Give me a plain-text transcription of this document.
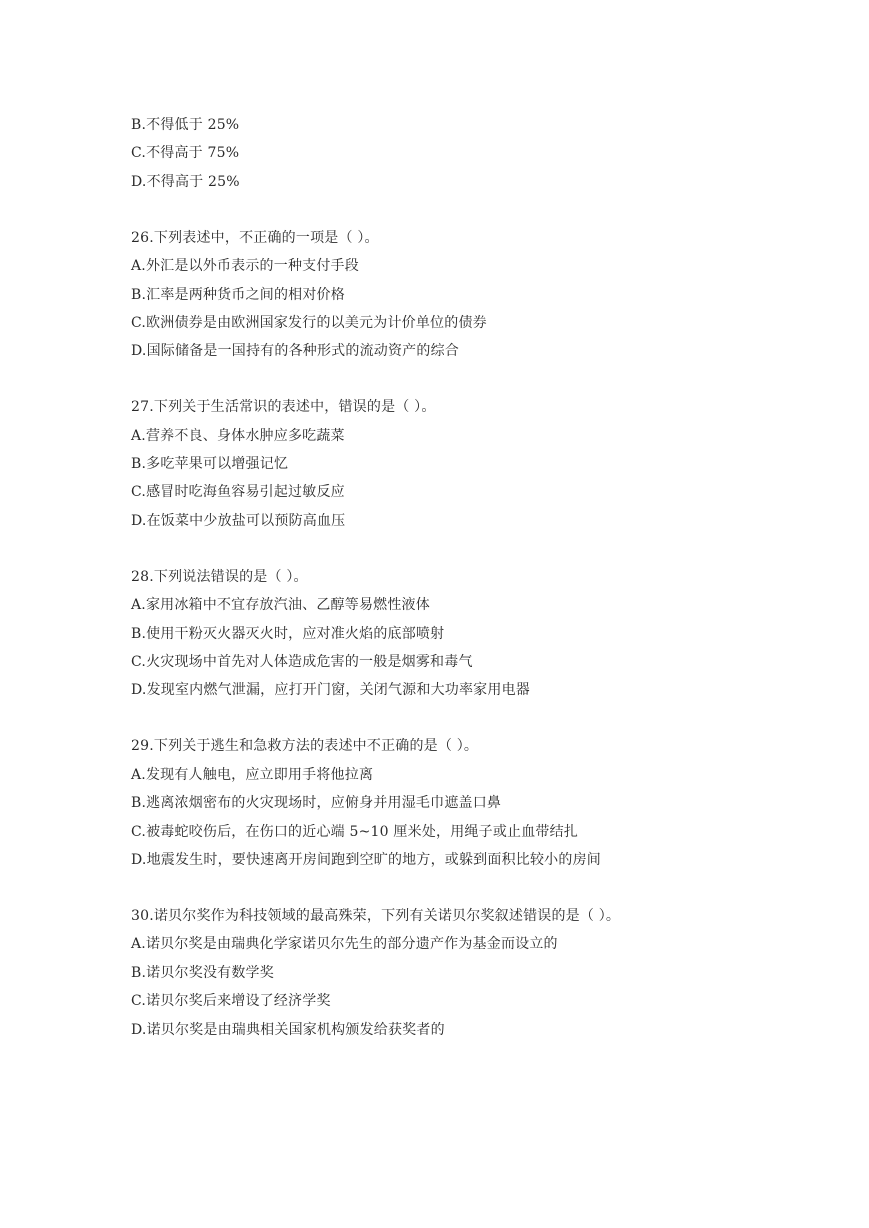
B.不得低于 25%
C.不得高于 75%
D.不得高于 25%
26.下列表述中，不正确的一项是（ ）。
A.外汇是以外币表示的一种支付手段
B.汇率是两种货币之间的相对价格
C.欧洲债券是由欧洲国家发行的以美元为计价单位的债券
D.国际储备是一国持有的各种形式的流动资产的综合
27.下列关于生活常识的表述中，错误的是（ ）。
A.营养不良、身体水肿应多吃蔬菜
B.多吃苹果可以增强记忆
C.感冒时吃海鱼容易引起过敏反应
D.在饭菜中少放盐可以预防高血压
28.下列说法错误的是（ ）。
A.家用冰箱中不宜存放汽油、乙醇等易燃性液体
B.使用干粉灭火器灭火时，应对准火焰的底部喷射
C.火灾现场中首先对人体造成危害的一般是烟雾和毒气
D.发现室内燃气泄漏，应打开门窗，关闭气源和大功率家用电器
29.下列关于逃生和急救方法的表述中不正确的是（ ）。
A.发现有人触电，应立即用手将他拉离
B.逃离浓烟密布的火灾现场时，应俯身并用湿毛巾遮盖口鼻
C.被毒蛇咬伤后，在伤口的近心端 5~10 厘米处，用绳子或止血带结扎
D.地震发生时，要快速离开房间跑到空旷的地方，或躲到面积比较小的房间
30.诺贝尔奖作为科技领域的最高殊荣，下列有关诺贝尔奖叙述错误的是（ ）。
A.诺贝尔奖是由瑞典化学家诺贝尔先生的部分遗产作为基金而设立的
B.诺贝尔奖没有数学奖
C.诺贝尔奖后来增设了经济学奖
D.诺贝尔奖是由瑞典相关国家机构颁发给获奖者的
